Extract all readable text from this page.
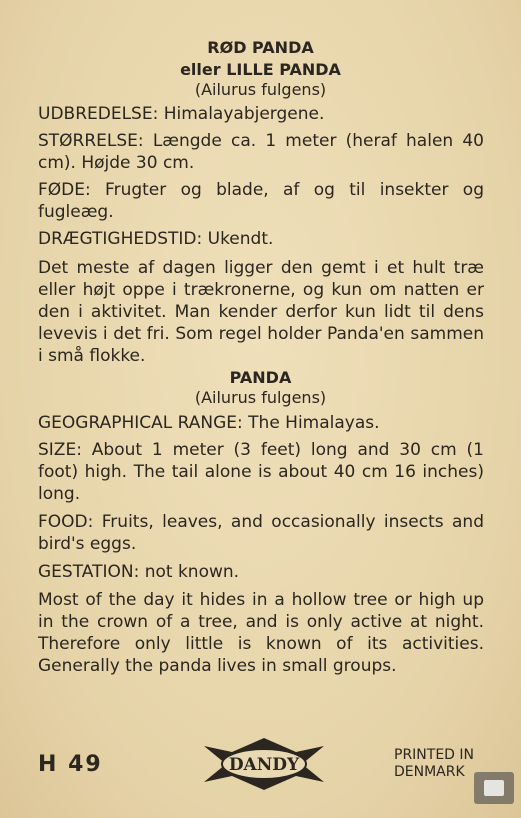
RØD PANDA
eller LILLE PANDA
(Ailurus fulgens)
UDBREDELSE: Himalayabjergene.
STØRRELSE: Længde ca. 1 meter (heraf halen 40 cm). Højde 30 cm.
FØDE: Frugter og blade, af og til insekter og fugleæg.
DRÆGTIGHEDSTID: Ukendt.
Det meste af dagen ligger den gemt i et hult træ eller højt oppe i trækronerne, og kun om natten er den i aktivitet. Man kender derfor kun lidt til dens levevis i det fri. Som regel holder Panda'en sammen i små flokke.
PANDA
(Ailurus fulgens)
GEOGRAPHICAL RANGE: The Himalayas.
SIZE: About 1 meter (3 feet) long and 30 cm (1 foot) high. The tail alone is about 40 cm 16 inches) long.
FOOD: Fruits, leaves, and occasionally insects and bird's eggs.
GESTATION: not known.
Most of the day it hides in a hollow tree or high up in the crown of a tree, and is only active at night. Therefore only little is known of its activities. Generally the panda lives in small groups.
H 49	DANDY	PRINTED IN
DENMARK
